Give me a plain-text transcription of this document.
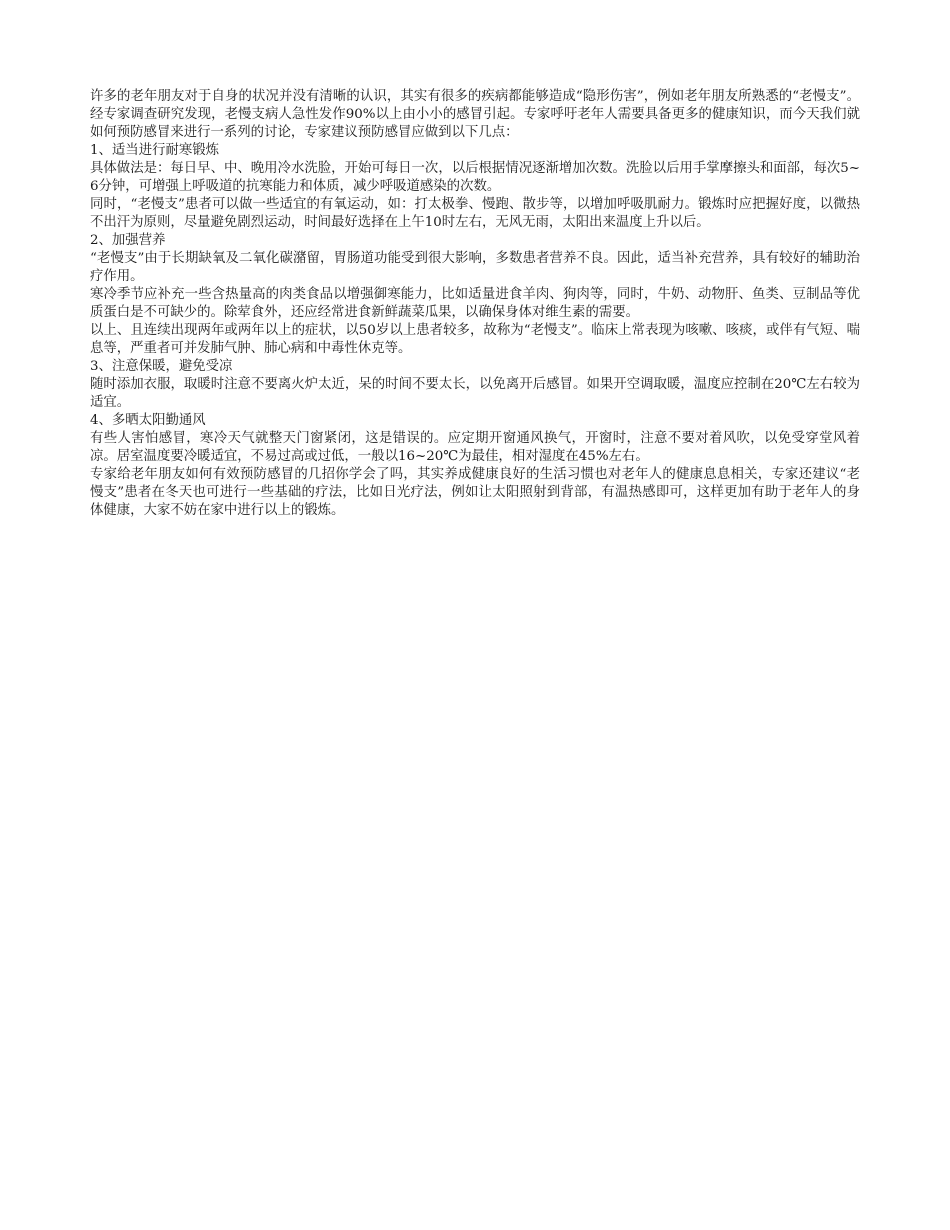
许多的老年朋友对于自身的状况并没有清晰的认识，其实有很多的疾病都能够造成“隐形伤害”，例如老年朋友所熟悉的“老慢支”。经专家调查研究发现，老慢支病人急性发作90%以上由小小的感冒引起。专家呼吁老年人需要具备更多的健康知识，而今天我们就如何预防感冒来进行一系列的讨论，专家建议预防感冒应做到以下几点：

1、适当进行耐寒锻炼

具体做法是：每日早、中、晚用冷水洗脸，开始可每日一次，以后根据情况逐渐增加次数。洗脸以后用手掌摩擦头和面部，每次5~6分钟，可增强上呼吸道的抗寒能力和体质，减少呼吸道感染的次数。

同时，“老慢支”患者可以做一些适宜的有氧运动，如：打太极拳、慢跑、散步等，以增加呼吸肌耐力。锻炼时应把握好度，以微热不出汗为原则，尽量避免剧烈运动，时间最好选择在上午10时左右，无风无雨，太阳出来温度上升以后。

2、加强营养

“老慢支”由于长期缺氧及二氧化碳潴留，胃肠道功能受到很大影响，多数患者营养不良。因此，适当补充营养，具有较好的辅助治疗作用。

寒冷季节应补充一些含热量高的肉类食品以增强御寒能力，比如适量进食羊肉、狗肉等，同时，牛奶、动物肝、鱼类、豆制品等优质蛋白是不可缺少的。除荤食外，还应经常进食新鲜蔬菜瓜果，以确保身体对维生素的需要。

以上、且连续出现两年或两年以上的症状，以50岁以上患者较多，故称为“老慢支”。临床上常表现为咳嗽、咳痰，或伴有气短、喘息等，严重者可并发肺气肿、肺心病和中毒性休克等。

3、注意保暖，避免受凉

随时添加衣服，取暖时注意不要离火炉太近，呆的时间不要太长，以免离开后感冒。如果开空调取暖，温度应控制在20℃左右较为适宜。

4、多晒太阳勤通风

有些人害怕感冒，寒冷天气就整天门窗紧闭，这是错误的。应定期开窗通风换气，开窗时，注意不要对着风吹，以免受穿堂风着凉。居室温度要冷暖适宜，不易过高或过低，一般以16~20℃为最佳，相对湿度在45%左右。

专家给老年朋友如何有效预防感冒的几招你学会了吗，其实养成健康良好的生活习惯也对老年人的健康息息相关，专家还建议“老慢支”患者在冬天也可进行一些基础的疗法，比如日光疗法，例如让太阳照射到背部，有温热感即可，这样更加有助于老年人的身体健康，大家不妨在家中进行以上的锻炼。
